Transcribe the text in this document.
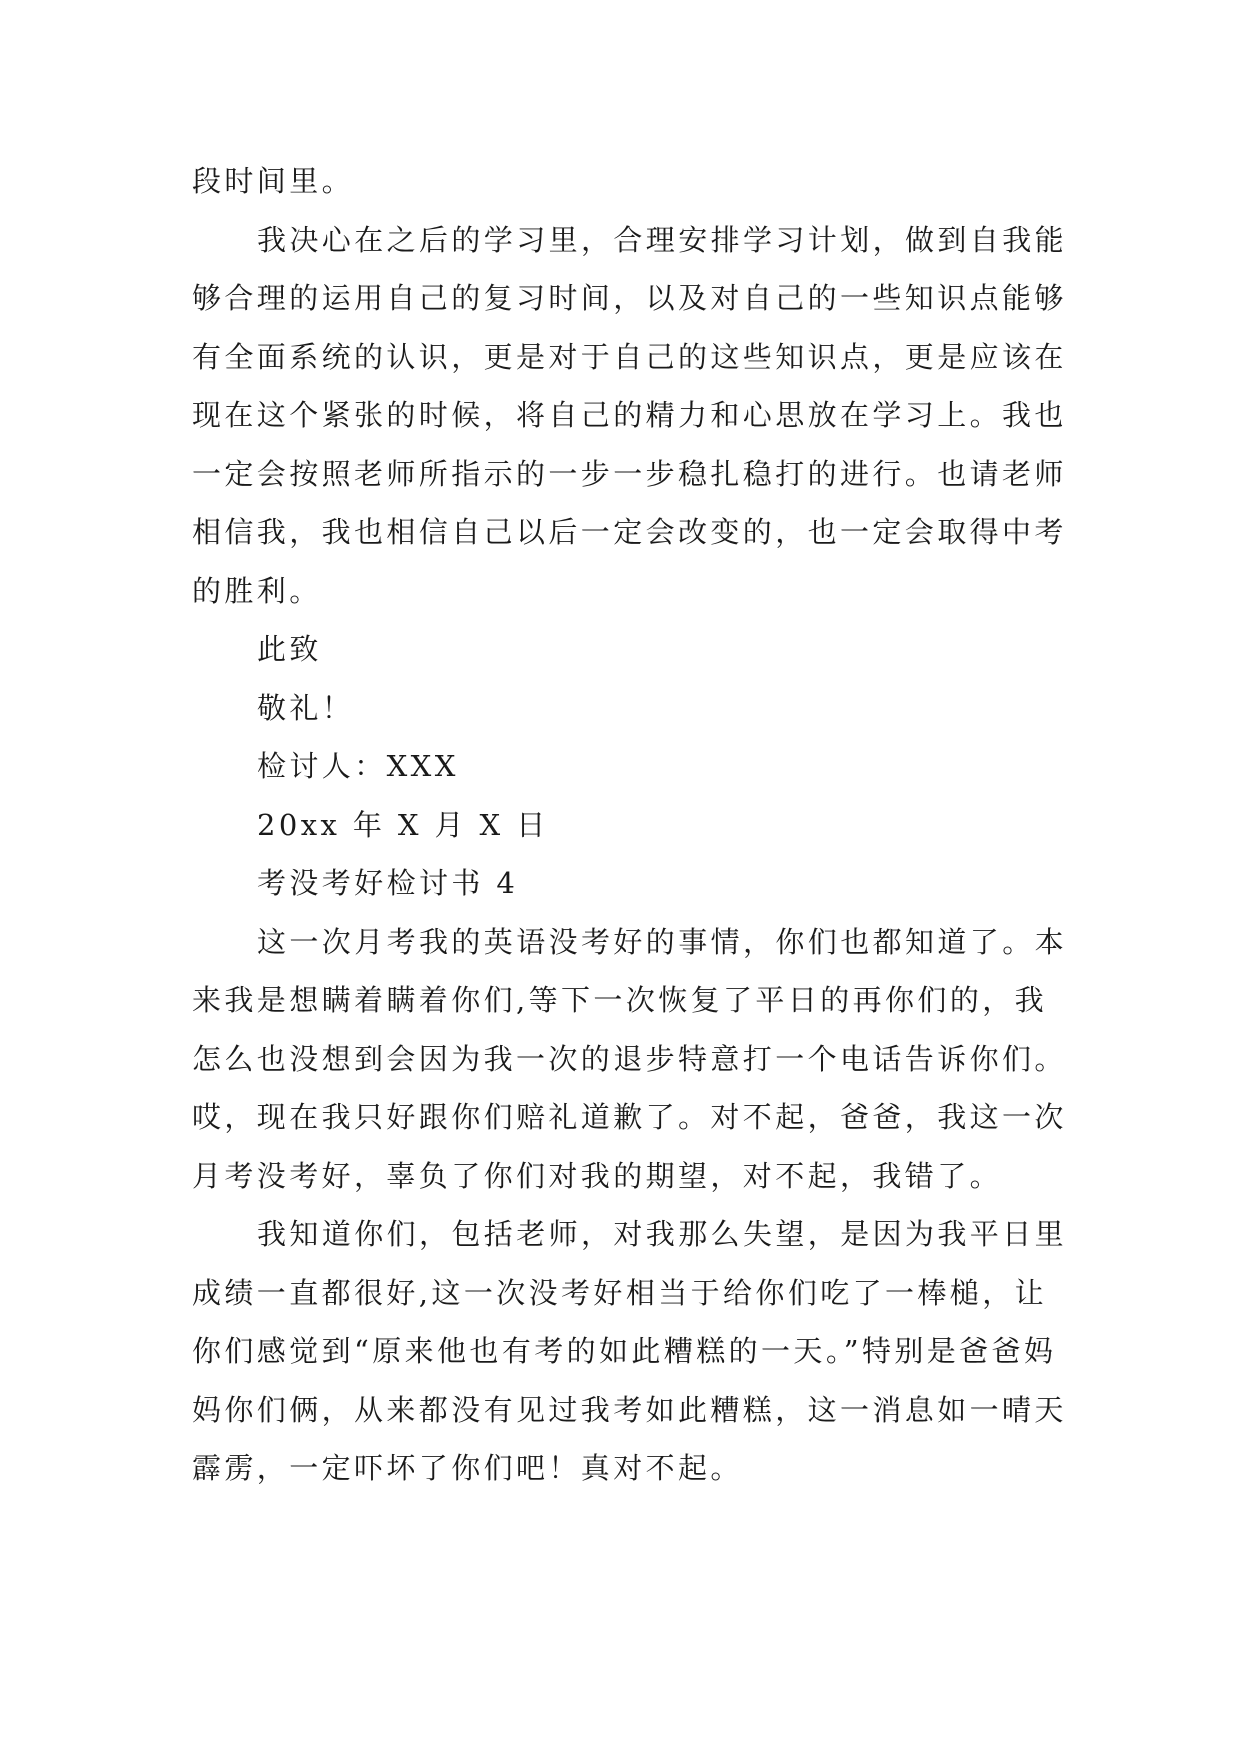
段时间里。

我决心在之后的学习里，合理安排学习计划，做到自我能够合理的运用自己的复习时间，以及对自己的一些知识点能够有全面系统的认识，更是对于自己的这些知识点，更是应该在现在这个紧张的时候，将自己的精力和心思放在学习上。我也一定会按照老师所指示的一步一步稳扎稳打的进行。也请老师相信我，我也相信自己以后一定会改变的，也一定会取得中考的胜利。

此致

敬礼！

检讨人：XXX

20xx 年 X 月 X 日

考没考好检讨书 4

这一次月考我的英语没考好的事情，你们也都知道了。本来我是想瞒着瞒着你们,等下一次恢复了平日的再你们的，我怎么也没想到会因为我一次的退步特意打一个电话告诉你们。哎，现在我只好跟你们赔礼道歉了。对不起，爸爸，我这一次月考没考好，辜负了你们对我的期望，对不起，我错了。

我知道你们，包括老师，对我那么失望，是因为我平日里成绩一直都很好,这一次没考好相当于给你们吃了一棒槌，让你们感觉到“原来他也有考的如此糟糕的一天。”特别是爸爸妈妈你们俩，从来都没有见过我考如此糟糕，这一消息如一晴天霹雳，一定吓坏了你们吧！真对不起。
